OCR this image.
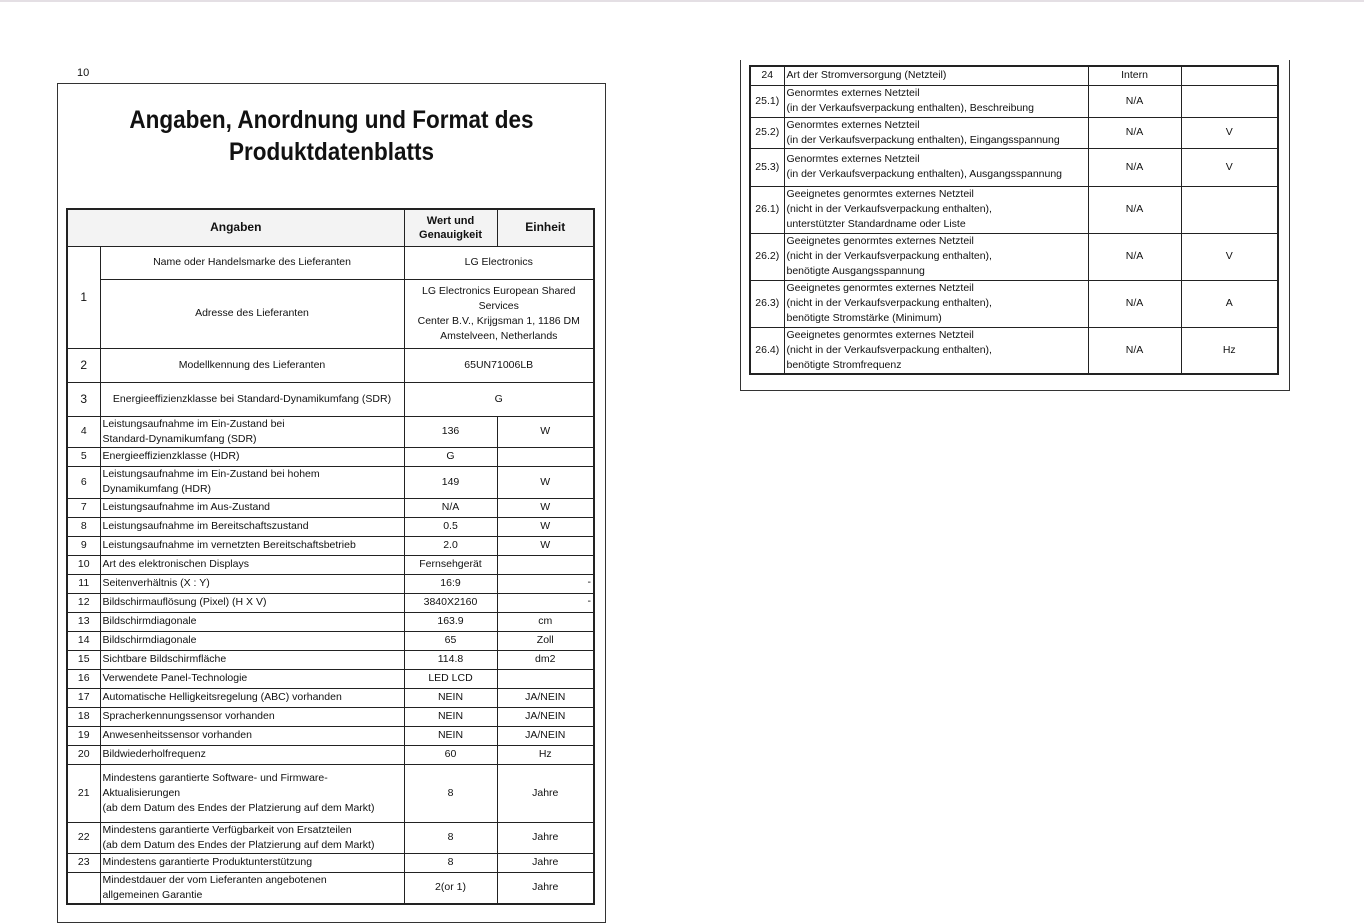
10
Angaben, Anordnung und Format des
Produktdatenblatts
Angaben		Wert und
Genauigkeit	Einheit
1	Name oder Handelsmarke des Lieferanten	LG Electronics	
	Adresse des Lieferanten	LG Electronics European Shared Services
Center B.V., Krijgsman 1, 1186 DM
Amstelveen, Netherlands	

2	Modellkennung des Lieferanten	65UN71006LB	
3	Energieeffizienzklasse bei Standard-Dynamikumfang (SDR)	G	
4	Leistungsaufnahme im Ein-Zustand bei
Standard-Dynamikumfang (SDR)	136	W
5	Energieeffizienzklasse (HDR)	G	
6	Leistungsaufnahme im Ein-Zustand bei hohem
Dynamikumfang (HDR)	149	W
7	Leistungsaufnahme im Aus-Zustand	N/A	W
8	Leistungsaufnahme im Bereitschaftszustand	0.5	W
9	Leistungsaufnahme im vernetzten Bereitschaftsbetrieb	2.0	W
10	Art des elektronischen Displays	Fernsehgerät	
11	Seitenverhältnis (X : Y)	16:9	-

12	Bildschirmauflösung (Pixel) (H X V)	3840X2160	-

13	Bildschirmdiagonale	163.9	cm
14	Bildschirmdiagonale	65	Zoll
15	Sichtbare Bildschirmfläche	114.8	dm2
16	Verwendete Panel-Technologie	LED LCD	
17	Automatische Helligkeitsregelung (ABC) vorhanden	NEIN	JA/NEIN
18	Spracherkennungssensor vorhanden	NEIN	JA/NEIN
19	Anwesenheitssensor vorhanden	NEIN	JA/NEIN
20	Bildwiederholfrequenz	60	Hz
21	Mindestens garantierte Software- und Firmware-Aktualisierungen
(ab dem Datum des Endes der Platzierung auf dem Markt)	8	Jahre
22	Mindestens garantierte Verfügbarkeit von Ersatzteilen
(ab dem Datum des Endes der Platzierung auf dem Markt)	8	Jahre
23	Mindestens garantierte Produktunterstützung	8	Jahre

	Mindestdauer der vom Lieferanten angebotenen
allgemeinen Garantie	2(or 1)	Jahre
24	Art der Stromversorgung (Netzteil)	Intern	
25.1)	Genormtes externes Netzteil
(in der Verkaufsverpackung enthalten), Beschreibung	N/A	
25.2)	Genormtes externes Netzteil
(in der Verkaufsverpackung enthalten), Eingangsspannung	N/A	V
25.3)	Genormtes externes Netzteil
(in der Verkaufsverpackung enthalten), Ausgangsspannung	N/A	V
26.1)	Geeignetes genormtes externes Netzteil
(nicht in der Verkaufsverpackung enthalten),
unterstützter Standardname oder Liste	N/A	
26.2)	Geeignetes genormtes externes Netzteil
(nicht in der Verkaufsverpackung enthalten),
benötigte Ausgangsspannung	N/A	V
26.3)	Geeignetes genormtes externes Netzteil
(nicht in der Verkaufsverpackung enthalten),
benötigte Stromstärke (Minimum)	N/A	A
26.4)	Geeignetes genormtes externes Netzteil
(nicht in der Verkaufsverpackung enthalten),
benötigte Stromfrequenz	N/A	Hz
